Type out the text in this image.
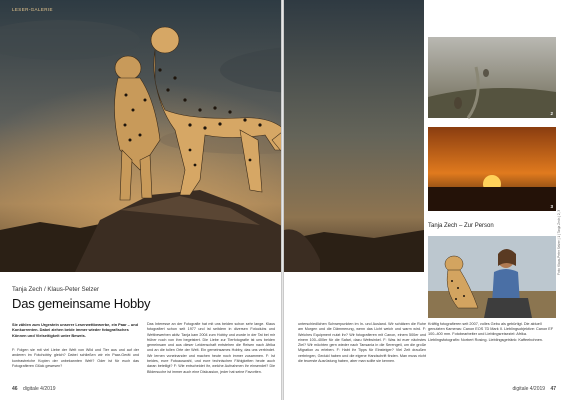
LESER-GALERIE
Tanja Zech / Klaus-Peter Selzer
Das gemeinsame Hobby
Sie zählen zum Urgestein unserer Leserwettbewerbe, ein Paar – und Konkurrenten. Dabei ziehen beide immer wieder fotografisches Können und Vielseitigkeit unter Beweis.
F: Folgen sie mit viel Liebe der Welt von Wild und Tier aus und auf der anderen im Fotohobby gleich? Dabei schließen wir ein Paar-Gerät und kontrastreiche Kopien der unbekannten Welt? Oder ist für euch das Fotografieren Glück gewesen?
Das Interesse an der Fotografie hat mit uns beiden schon sehr lange. Klaus fotografiert schon seit 1977 und ist seitdem in diversen Fotoclubs und Wettbewerben aktiv. Tanja kam 2004 zum Hobby und wurde in der Tat bei mir früher noch von ihm begeistert. Die Liebe zur Tierfotografie ist uns beiden gemeinsam und aus dieser Leidenschaft entstehen die Reisen nach Afrika und an die tollen Orte der Welt. Ein gemeinsames Hobby, das uns verbindet. Wir lernen voneinander und machen heute noch immer zusammen. F: Ist beides, eure Fotoauswahl, und eure technischen Fähigkeiten heute auch daran beteiligt? F: Wie entscheidet ihr, welche Aufnahmen ihr einsendet? Die Bildersuche ist immer auch eine Diskussion, jeder hat seine Favoriten.
46 digitale 4/2019
2
3
Tanja Zech – Zur Person
Kräftig fotografieren seit 2007, volles Gebu als gebürtigt. Die aktuell genutzten Kameras: Canon EOS 7D Mark II. Lieblingsobjektive: Canon EF 100–400 mm. Fotobearbeiter und Lieblingsreiseziel: Afrika. Lieblingsfotografin: Norbert Rosing. Lieblingsgetränk: Kaffeebohnen.
unterschiedlichen Schwerpunkten im In- und Ausland. Wir schätzen die Ruhe am Morgen und die Dämmerung, wenn das Licht weich und warm wird. F: Welches Equipment nutzt ihr? Wir fotografieren mit Canon, einem 500er und einem 100–400er für die Safari, dazu Weitwinkel. F: Was ist euer nächstes Ziel? Wir möchten gern wieder nach Tansania in die Serengeti, um die große Migration zu erleben. F: Habt ihr Tipps für Einsteiger? Viel Zeit draußen verbringen, Geduld haben und die eigene Handschrift finden. Man muss nicht die teuerste Ausrüstung haben, aber man sollte sie kennen.
Foto: Klaus-Peter Selzer | 1 | Tanja Zech | 2, 3
digitale 4/2019 47
